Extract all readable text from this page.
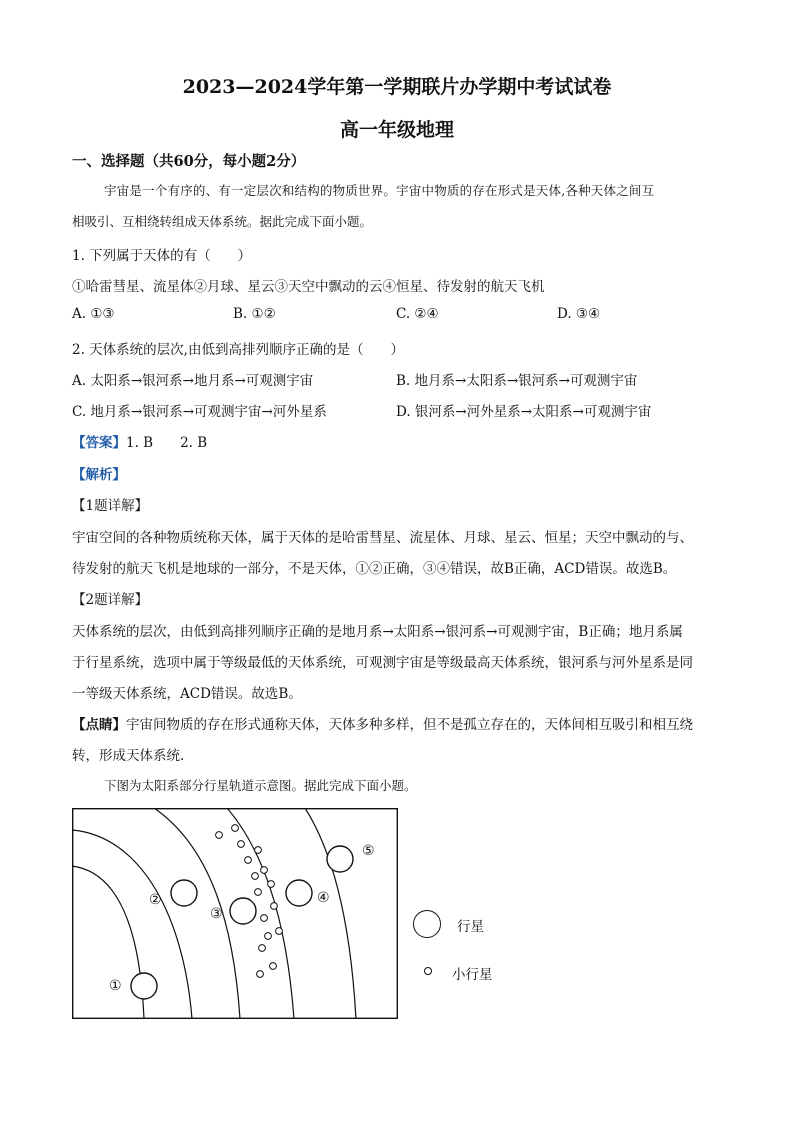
2023—2024学年第一学期联片办学期中考试试卷
高一年级地理
一、选择题（共60分，每小题2分）
宇宙是一个有序的、有一定层次和结构的物质世界。宇宙中物质的存在形式是天体,各种天体之间互
相吸引、互相绕转组成天体系统。据此完成下面小题。
1. 下列属于天体的有（　　）
①哈雷彗星、流星体②月球、星云③天空中飘动的云④恒星、待发射的航天飞机
A. ①③	B. ①②	C. ②④	D. ③④
2. 天体系统的层次,由低到高排列顺序正确的是（　　）
A. 太阳系→银河系→地月系→可观测宇宙	B. 地月系→太阳系→银河系→可观测宇宙
C. 地月系→银河系→可观测宇宙→河外星系	D. 银河系→河外星系→太阳系→可观测宇宙
【答案】1. B　　2. B
【解析】
【1题详解】
宇宙空间的各种物质统称天体，属于天体的是哈雷彗星、流星体、月球、星云、恒星；天空中飘动的与、
待发射的航天飞机是地球的一部分，不是天体，①②正确，③④错误，故B正确，ACD错误。故选B。
【2题详解】
天体系统的层次，由低到高排列顺序正确的是地月系→太阳系→银河系→可观测宇宙，B正确；地月系属
于行星系统，选项中属于等级最低的天体系统，可观测宇宙是等级最高天体系统，银河系与河外星系是同
一等级天体系统，ACD错误。故选B。
【点睛】宇宙间物质的存在形式通称天体，天体多种多样，但不是孤立存在的，天体间相互吸引和相互绕
转，形成天体系统.
下图为太阳系部分行星轨道示意图。据此完成下面小题。
①
②
③
④
⑤
行星
小行星
